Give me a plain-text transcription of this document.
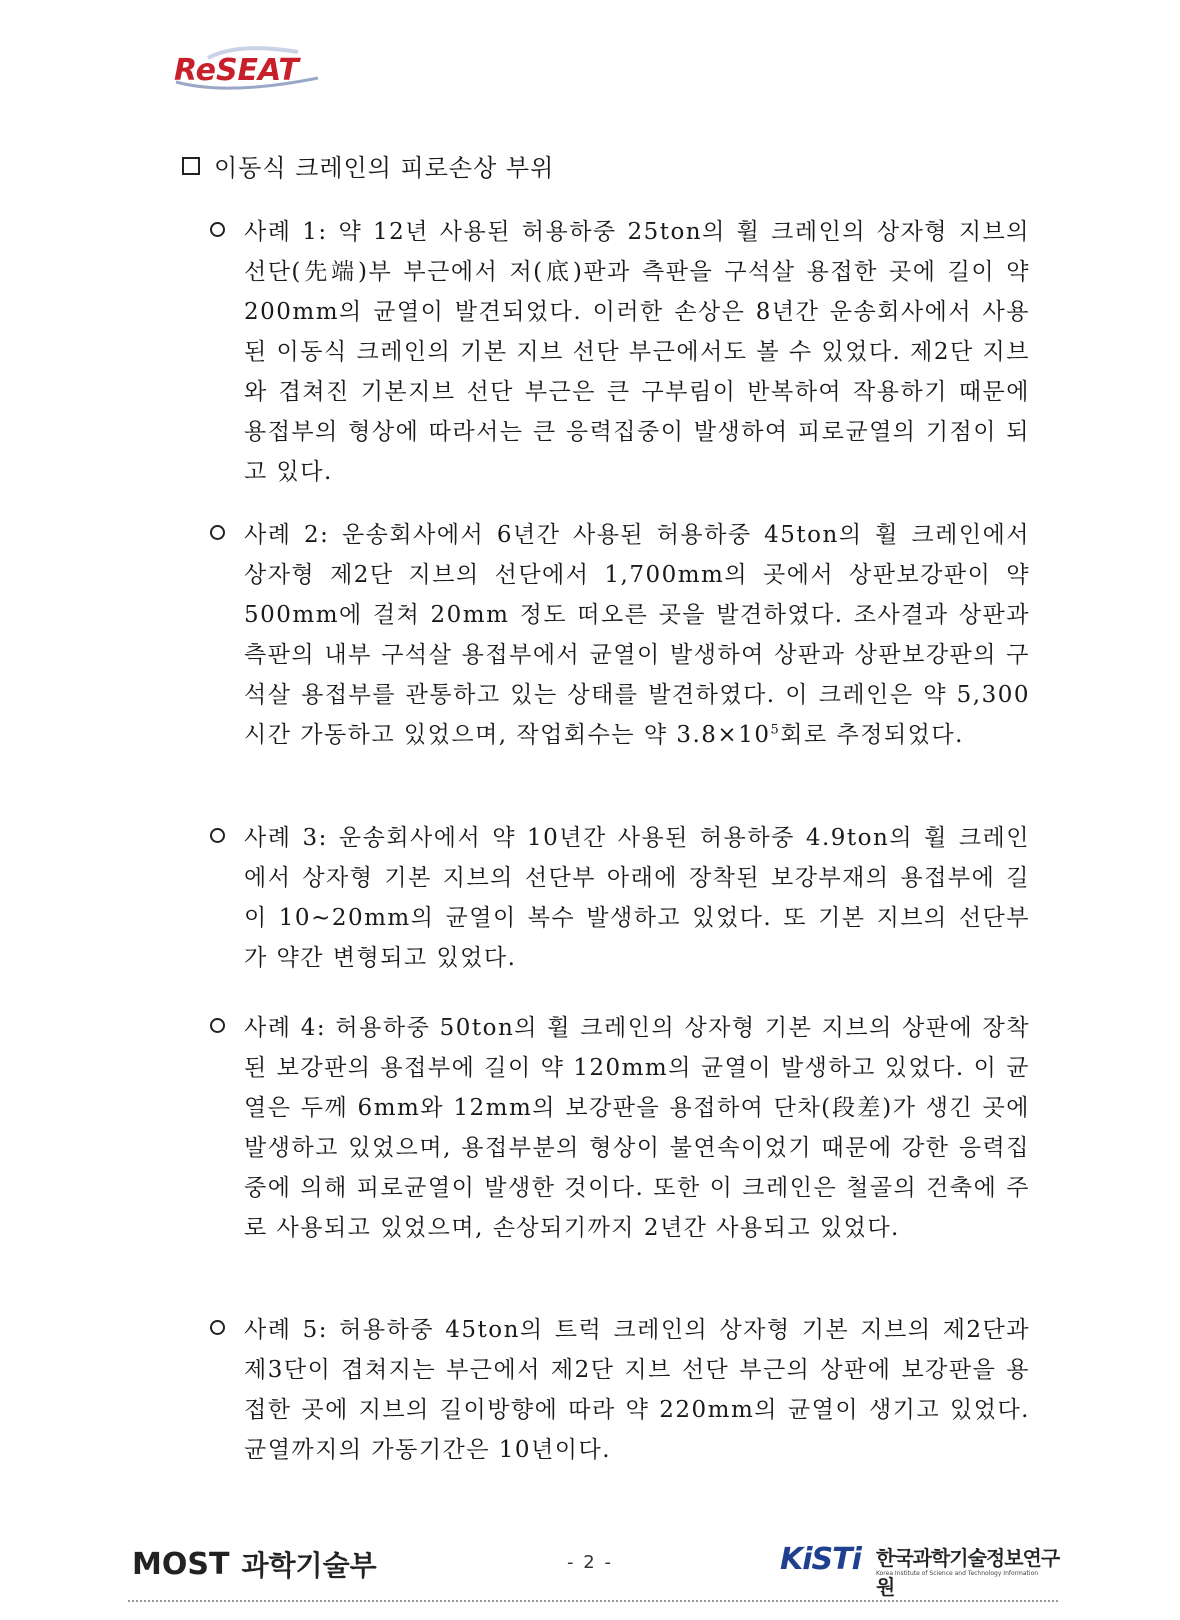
ReSEAT
이동식 크레인의 피로손상 부위
사례 1: 약 12년 사용된 허용하중 25ton의 휠 크레인의 상자형 지브의 선단(先端)부 부근에서 저(底)판과 측판을 구석살 용접한 곳에 길이 약 200mm의 균열이 발견되었다. 이러한 손상은 8년간 운송회사에서 사용된 이동식 크레인의 기본 지브 선단 부근에서도 볼 수 있었다. 제2단 지브와 겹쳐진 기본지브 선단 부근은 큰 구부림이 반복하여 작용하기 때문에 용접부의 형상에 따라서는 큰 응력집중이 발생하여 피로균열의 기점이 되고 있다.
사례 2: 운송회사에서 6년간 사용된 허용하중 45ton의 휠 크레인에서 상자형 제2단 지브의 선단에서 1,700mm의 곳에서 상판보강판이 약 500mm에 걸쳐 20mm 정도 떠오른 곳을 발견하였다. 조사결과 상판과 측판의 내부 구석살 용접부에서 균열이 발생하여 상판과 상판보강판의 구석살 용접부를 관통하고 있는 상태를 발견하였다. 이 크레인은 약 5,300시간 가동하고 있었으며, 작업회수는 약 $3.8\times 10^5$회로 추정되었다.
사례 3: 운송회사에서 약 10년간 사용된 허용하중 4.9ton의 휠 크레인에서 상자형 기본 지브의 선단부 아래에 장착된 보강부재의 용접부에 길이 10∼20mm의 균열이 복수 발생하고 있었다. 또 기본 지브의 선단부가 약간 변형되고 있었다.
사례 4: 허용하중 50ton의 휠 크레인의 상자형 기본 지브의 상판에 장착된 보강판의 용접부에 길이 약 120mm의 균열이 발생하고 있었다. 이 균열은 두께 6mm와 12mm의 보강판을 용접하여 단차(段差)가 생긴 곳에 발생하고 있었으며, 용접부분의 형상이 불연속이었기 때문에 강한 응력집중에 의해 피로균열이 발생한 것이다. 또한 이 크레인은 철골의 건축에 주로 사용되고 있었으며, 손상되기까지 2년간 사용되고 있었다.
사례 5: 허용하중 45ton의 트럭 크레인의 상자형 기본 지브의 제2단과 제3단이 겹쳐지는 부근에서 제2단 지브 선단 부근의 상판에 보강판을 용접한 곳에 지브의 길이방향에 따라 약 220mm의 균열이 생기고 있었다. 균열까지의 가동기간은 10년이다.
MOST 과학기술부	- 2 -	KiSTi 한국과학기술정보연구원
Korea Institute of Science and Technology Information
